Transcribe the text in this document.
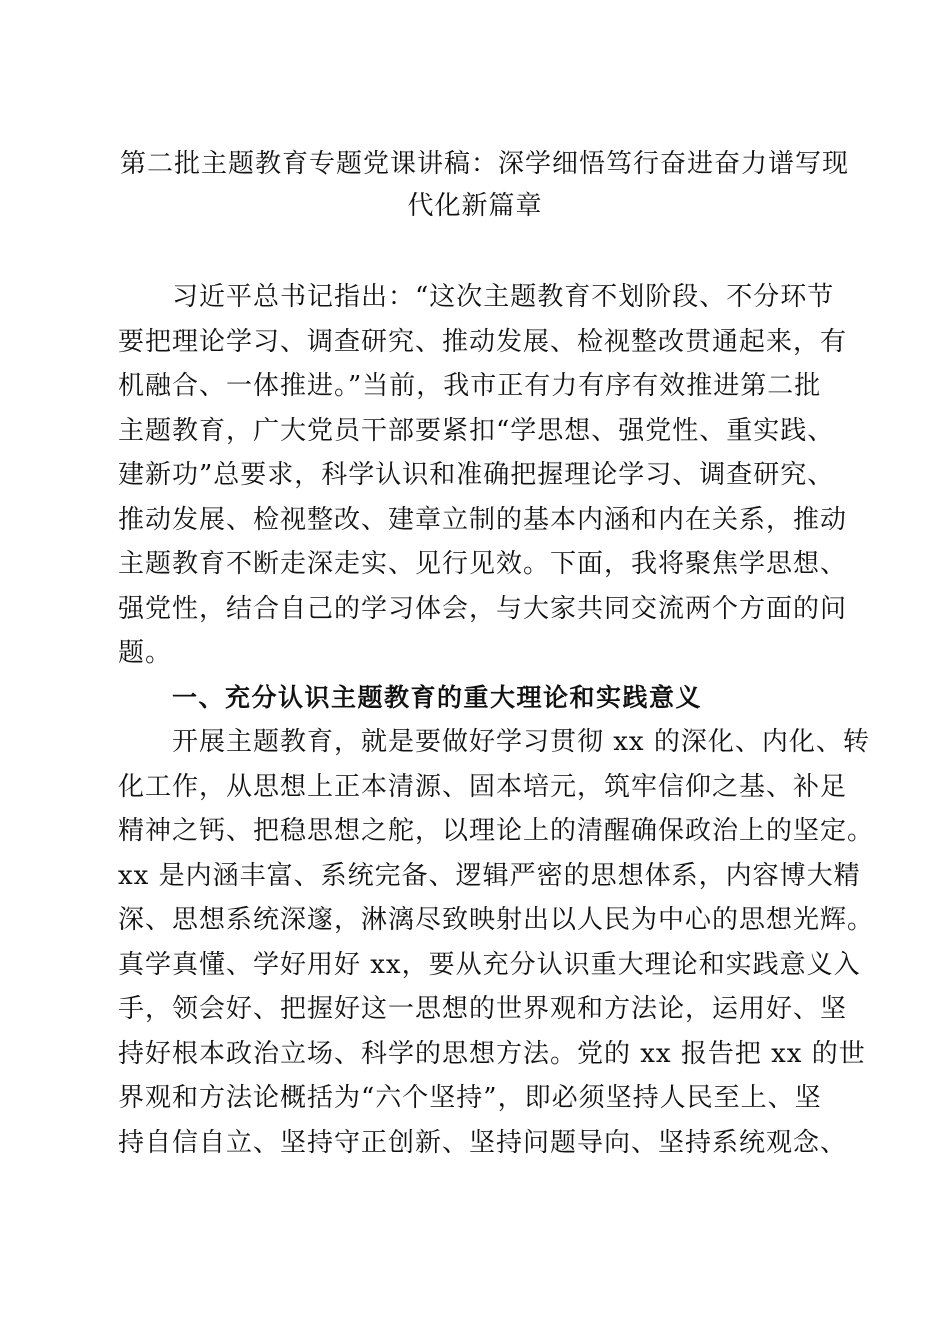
第二批主题教育专题党课讲稿：深学细悟笃行奋进奋力谱写现
代化新篇章
习近平总书记指出：“这次主题教育不划阶段、不分环节
要把理论学习、调查研究、推动发展、检视整改贯通起来，有
机融合、一体推进。”当前，我市正有力有序有效推进第二批
主题教育，广大党员干部要紧扣“学思想、强党性、重实践、
建新功”总要求，科学认识和准确把握理论学习、调查研究、
推动发展、检视整改、建章立制的基本内涵和内在关系，推动
主题教育不断走深走实、见行见效。下面，我将聚焦学思想、
强党性，结合自己的学习体会，与大家共同交流两个方面的问
题。
一、充分认识主题教育的重大理论和实践意义
开展主题教育，就是要做好学习贯彻 xx 的深化、内化、转
化工作，从思想上正本清源、固本培元，筑牢信仰之基、补足
精神之钙、把稳思想之舵，以理论上的清醒确保政治上的坚定。
xx 是内涵丰富、系统完备、逻辑严密的思想体系，内容博大精
深、思想系统深邃，淋漓尽致映射出以人民为中心的思想光辉。
真学真懂、学好用好 xx，要从充分认识重大理论和实践意义入
手，领会好、把握好这一思想的世界观和方法论，运用好、坚
持好根本政治立场、科学的思想方法。党的 xx 报告把 xx 的世
界观和方法论概括为“六个坚持”，即必须坚持人民至上、坚
持自信自立、坚持守正创新、坚持问题导向、坚持系统观念、
